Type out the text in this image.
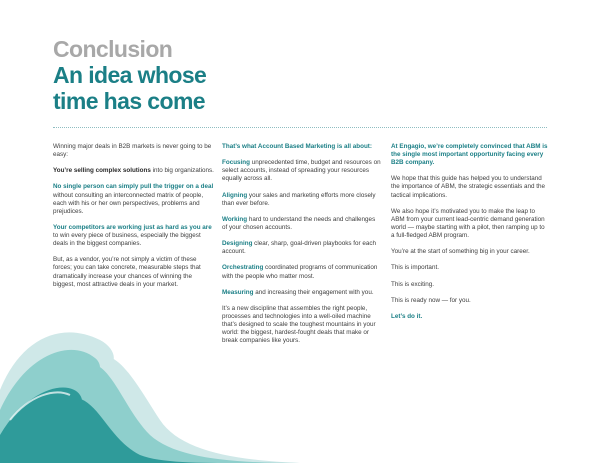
Conclusion
An idea whose
time has come

Winning major deals in B2B markets is never going to be easy:

You’re selling complex solutions into big organizations.

No single person can simply pull the trigger on a deal without consulting an interconnected matrix of people, each with his or her own perspectives, problems and prejudices.

Your competitors are working just as hard as you are to win every piece of business, especially the biggest deals in the biggest companies.

But, as a vendor, you’re not simply a victim of these forces; you can take concrete, measurable steps that dramatically increase your chances of winning the biggest, most attractive deals in your market.

That’s what Account Based Marketing is all about:

Focusing unprecedented time, budget and resources on select accounts, instead of spreading your resources equally across all.

Aligning your sales and marketing efforts more closely than ever before.

Working hard to understand the needs and challenges of your chosen accounts.

Designing clear, sharp, goal-driven playbooks for each account.

Orchestrating coordinated programs of communication with the people who matter most.

Measuring and increasing their engagement with you.

It’s a new discipline that assembles the right people, processes and technologies into a well-oiled machine that’s designed to scale the toughest mountains in your world: the biggest, hardest-fought deals that make or break companies like yours.

At Engagio, we’re completely convinced that ABM is the single most important opportunity facing every B2B company.

We hope that this guide has helped you to understand the importance of ABM, the strategic essentials and the tactical implications.

We also hope it’s motivated you to make the leap to ABM from your current lead-centric demand generation world — maybe starting with a pilot, then ramping up to a full-fledged ABM program.

You’re at the start of something big in your career.

This is important.

This is exciting.

This is ready now — for you.

Let’s do it.
